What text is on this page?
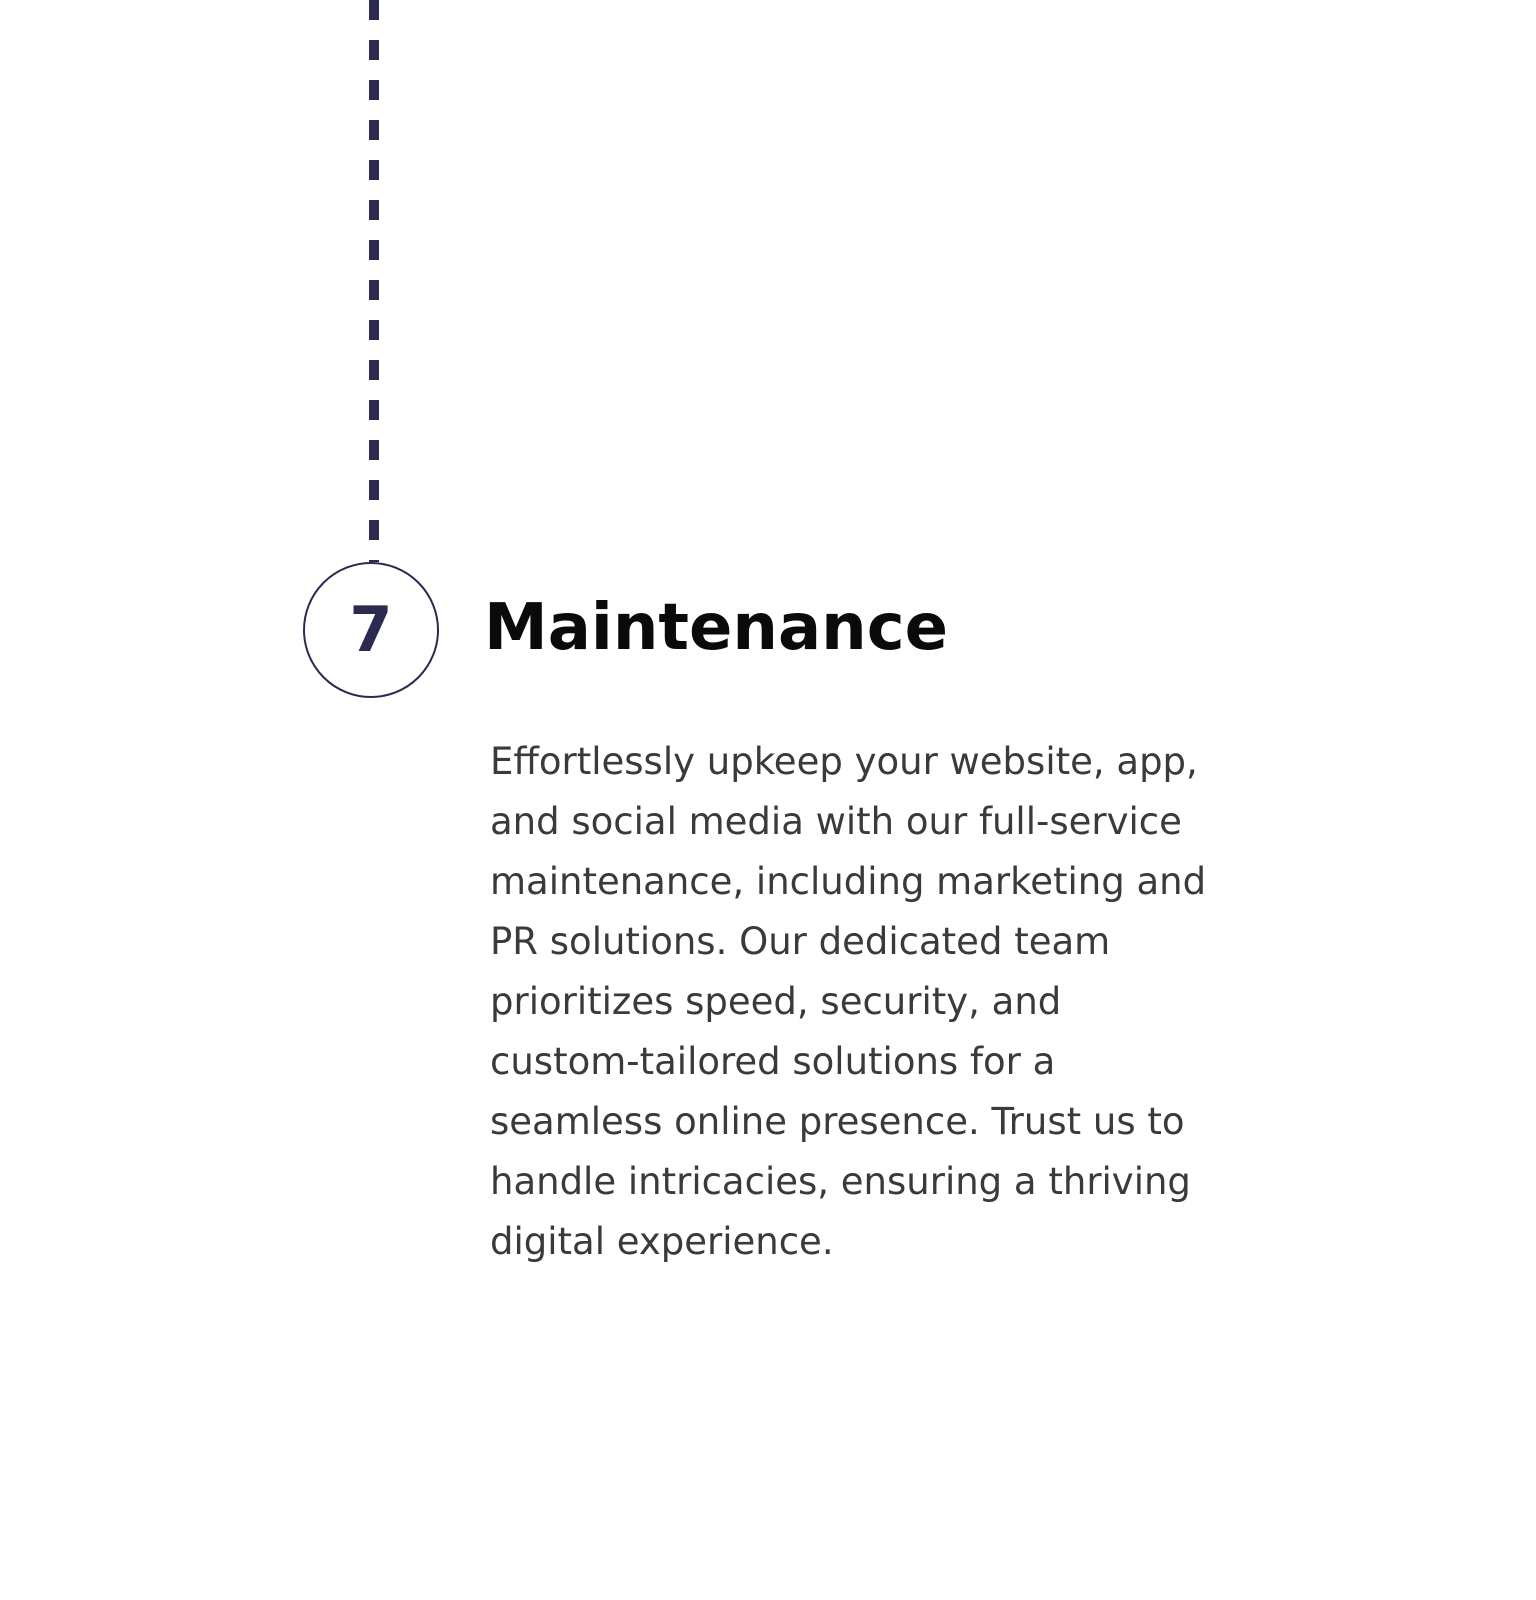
7 Maintenance

Effortlessly upkeep your website, app, and social media with our full-service maintenance, including marketing and PR solutions. Our dedicated team prioritizes speed, security, and custom-tailored solutions for a seamless online presence. Trust us to handle intricacies, ensuring a thriving digital experience.
